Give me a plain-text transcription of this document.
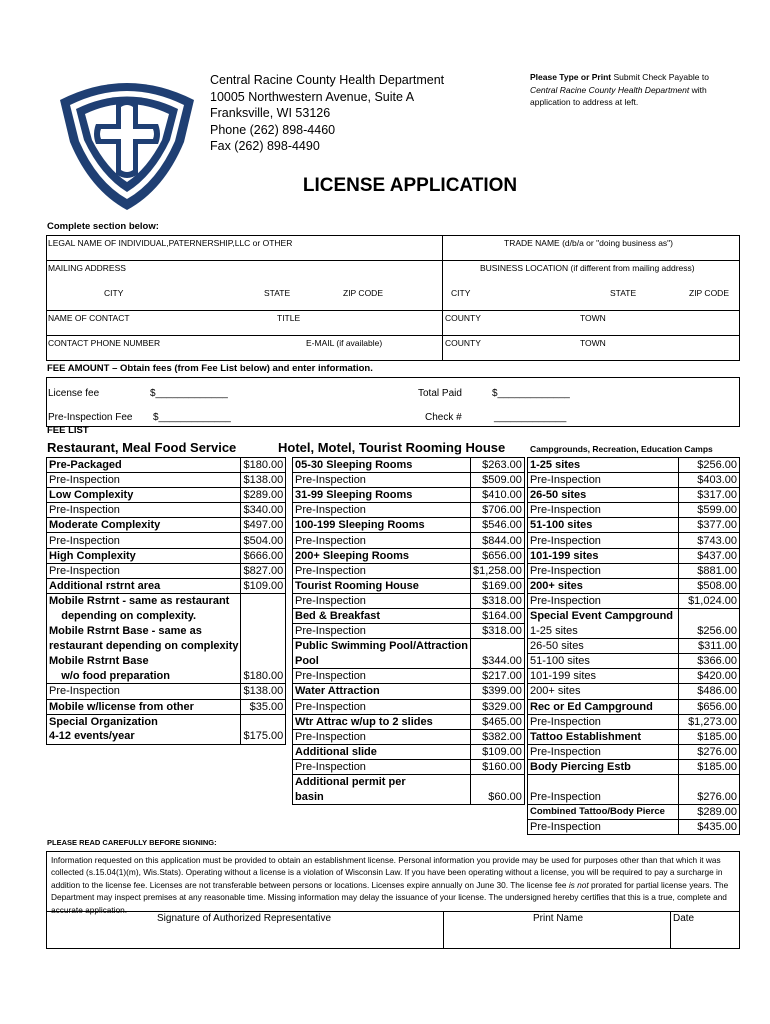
Central Racine County Health Department
10005 Northwestern Avenue, Suite A
Franksville, WI 53126
Phone (262) 898-4460
Fax (262) 898-4490
Please Type or Print Submit Check Payable to
Central Racine County Health Department with
application to address at left.
LICENSE APPLICATION
Complete section below:
LEGAL NAME OF INDIVIDUAL,PATERNERSHIP,LLC or OTHER	TRADE NAME (d/b/a or "doing business as")
MAILING ADDRESS	BUSINESS LOCATION (if different from mailing address)
CITY	STATE	ZIP CODE	CITY	STATE	ZIP CODE
NAME OF CONTACT	TITLE	COUNTY	TOWN
CONTACT PHONE NUMBER	E-MAIL (if available)	COUNTY	TOWN
FEE AMOUNT – Obtain fees (from Fee List below) and enter information.
License fee	$_____________	Total Paid	$_____________
Pre-Inspection Fee $_____________	Check #	_____________
FEE LIST
Restaurant, Meal Food Service	Hotel, Motel, Tourist Rooming House	Campgrounds, Recreation, Education Camps
Pre-Packaged	$180.00
Pre-Inspection	$138.00
Low Complexity	$289.00
Pre-Inspection	$340.00
Moderate Complexity	$497.00
Pre-Inspection	$504.00
High Complexity	$666.00
Pre-Inspection	$827.00
Additional rstrnt area	$109.00
Mobile Rstrnt - same as restaurant	
depending on complexity.	
Mobile Rstrnt Base - same as	
restaurant depending on complexity	
Mobile Rstrnt Base	
w/o food preparation	$180.00
Pre-Inspection	$138.00
Mobile w/license from other	$35.00
Special Organization	
4-12 events/year	$175.00
05-30 Sleeping Rooms	$263.00
Pre-Inspection	$509.00
31-99 Sleeping Rooms	$410.00
Pre-Inspection	$706.00
100-199 Sleeping Rooms	$546.00
Pre-Inspection	$844.00
200+ Sleeping Rooms	$656.00
Pre-Inspection	$1,258.00
Tourist Rooming House	$169.00
Pre-Inspection	$318.00
Bed & Breakfast	$164.00
Pre-Inspection	$318.00
Public Swimming Pool/Attraction	
Pool	$344.00
Pre-Inspection	$217.00
Water Attraction	$399.00
Pre-Inspection	$329.00
Wtr Attrac w/up to 2 slides	$465.00
Pre-Inspection	$382.00
Additional slide	$109.00
Pre-Inspection	$160.00
Additional permit per	
basin	$60.00
1-25 sites	$256.00
Pre-Inspection	$403.00
26-50 sites	$317.00
Pre-Inspection	$599.00
51-100 sites	$377.00
Pre-Inspection	$743.00
101-199 sites	$437.00
Pre-Inspection	$881.00
200+ sites	$508.00
Pre-Inspection	$1,024.00
Special Event Campground	
1-25 sites	$256.00
26-50 sites	$311.00
51-100 sites	$366.00
101-199 sites	$420.00
200+ sites	$486.00
Rec or Ed Campground	$656.00
Pre-Inspection	$1,273.00
Tattoo Establishment	$185.00
Pre-Inspection	$276.00
Body Piercing Estb	$185.00

Pre-Inspection	$276.00
Combined Tattoo/Body Pierce	$289.00
Pre-Inspection	$435.00
PLEASE READ CAREFULLY BEFORE SIGNING:
Information requested on this application must be provided to obtain an establishment license. Personal information you provide may be used for purposes other than that which it was collected (s.15.04(1)(m), Wis.Stats). Operating without a license is a violation of Wisconsin Law. If you have been operating without a license, you will be required to pay a surcharge in addition to the license fee. Licenses are not transferable between persons or locations. Licenses expire annually on June 30. The license fee is not prorated for partial license years. The Department may inspect premises at any reasonable time. Missing information may delay the issuance of your license. The undersigned hereby certifies that this is a true, complete and accurate application.
Signature of Authorized Representative	Print Name	Date
